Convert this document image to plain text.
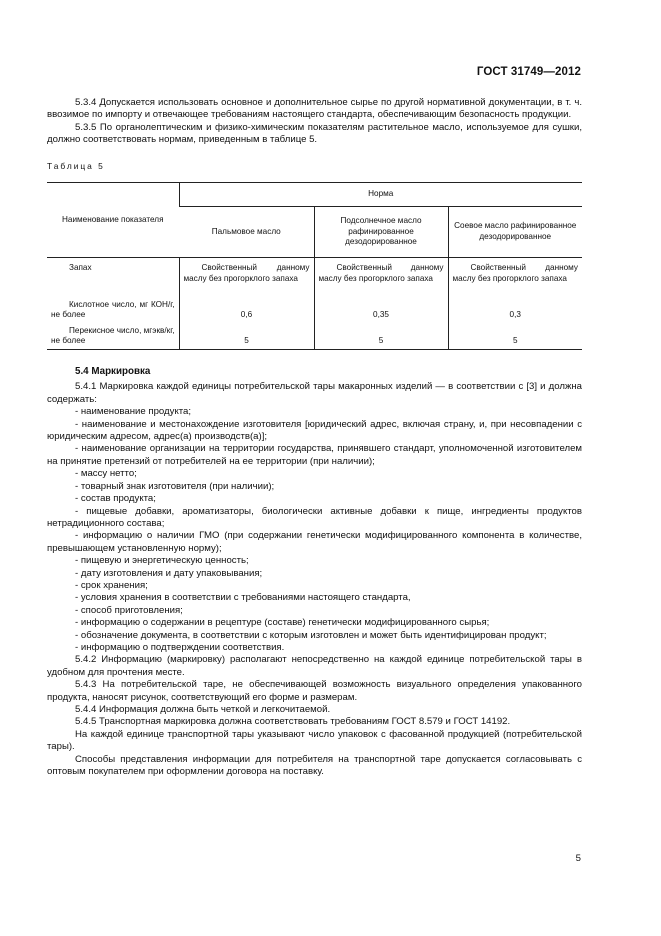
ГОСТ 31749—2012

5.3.4 Допускается использовать основное и дополнительное сырье по другой нормативной документации, в т. ч. ввозимое по импорту и отвечающее требованиям настоящего стандарта, обеспечивающим безопасность продукции.

5.3.5 По органолептическим и физико-химическим показателям растительное масло, используемое для сушки, должно соответствовать нормам, приведенным в таблице 5.

Таблица 5
Наименование показателя	Норма		
	Пальмовое масло	Подсолнечное масло рафинированное дезодорированное	Соевое масло рафинированное дезодорированное
Запах	Свойственный данному маслу без прогорклого запаха	Свойственный данному маслу без прогорклого запаха	Свойственный данному маслу без прогорклого запаха
Кислотное число, мг КОН/г, не более	0,6	0,35	0,3
Перекисное число, мгэкв/кг, не более	5	5	5
5.4 Маркировка

5.4.1 Маркировка каждой единицы потребительской тары макаронных изделий — в соответствии с [3] и должна содержать:

- наименование продукта;

- наименование и местонахождение изготовителя [юридический адрес, включая страну, и, при несовпадении с юридическим адресом, адрес(а) производств(а)];

- наименование организации на территории государства, принявшего стандарт, уполномоченной изготовителем на принятие претензий от потребителей на ее территории (при наличии);

- массу нетто;

- товарный знак изготовителя (при наличии);

- состав продукта;

- пищевые добавки, ароматизаторы, биологически активные добавки к пище, ингредиенты продуктов нетрадиционного состава;

- информацию о наличии ГМО (при содержании генетически модифицированного компонента в количестве, превышающем установленную норму);

- пищевую и энергетическую ценность;

- дату изготовления и дату упаковывания;

- срок хранения;

- условия хранения в соответствии с требованиями настоящего стандарта,

- способ приготовления;

- информацию о содержании в рецептуре (составе) генетически модифицированного сырья;

- обозначение документа, в соответствии с которым изготовлен и может быть идентифицирован продукт;

- информацию о подтверждении соответствия.

5.4.2 Информацию (маркировку) располагают непосредственно на каждой единице потребительской тары в удобном для прочтения месте.

5.4.3 На потребительской таре, не обеспечивающей возможность визуального определения упакованного продукта, наносят рисунок, соответствующий его форме и размерам.

5.4.4 Информация должна быть четкой и легкочитаемой.

5.4.5 Транспортная маркировка должна соответствовать требованиям ГОСТ 8.579 и ГОСТ 14192.

На каждой единице транспортной тары указывают число упаковок с фасованной продукцией (потребительской тары).

Способы представления информации для потребителя на транспортной таре допускается согласовывать с оптовым покупателем при оформлении договора на поставку.

5
